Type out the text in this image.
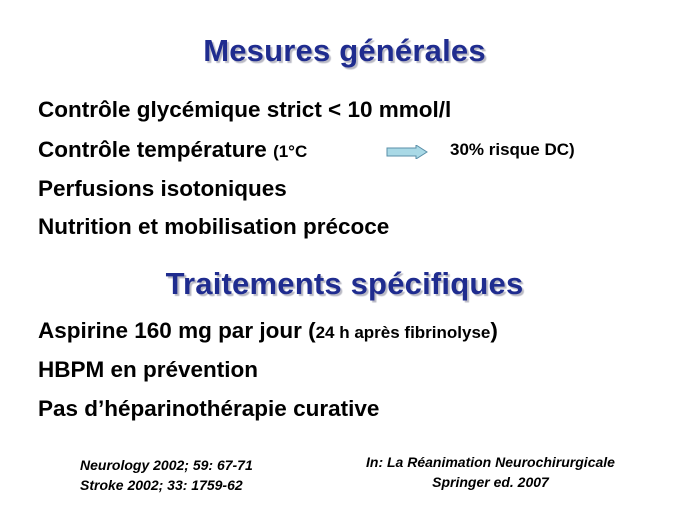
Mesures générales
Contrôle glycémique strict < 10 mmol/l
Contrôle température (1°C	30% risque DC)
Perfusions isotoniques
Nutrition et mobilisation précoce
Traitements spécifiques
Aspirine 160 mg par jour (24 h après fibrinolyse)
HBPM en prévention
Pas d’héparinothérapie curative
Neurology 2002; 59: 67-71
Stroke 2002; 33: 1759-62
In: La Réanimation Neurochirurgicale
Springer ed. 2007
